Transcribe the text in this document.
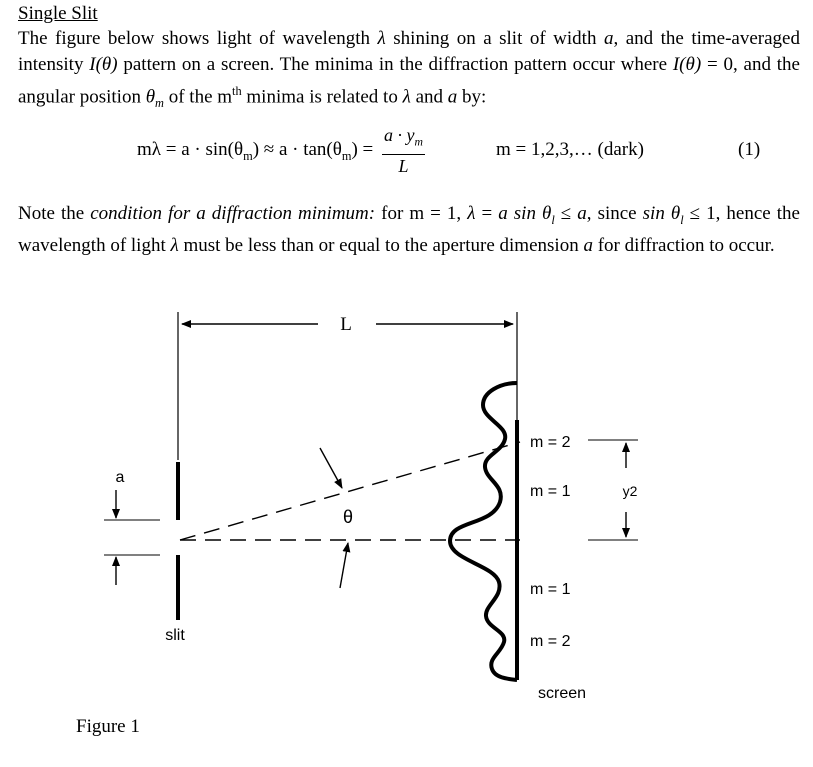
Single Slit
The figure below shows light of wavelength λ shining on a slit of width a, and the time-averaged intensity I(θ) pattern on a screen. The minima in the diffraction pattern occur where I(θ) = 0, and the angular position $\theta_m$ of the $m^{th}$ minima is related to λ and a by:
$m\lambda = a \cdot \sin(\theta_m) \approx a \cdot \tan(\theta_m) = \frac{a \cdot y_m}{L}$	m = 1,2,3,… (dark)	(1)
Note the condition for a diffraction minimum: for m = 1, λ = a $\sin \theta_l \le a$, since $\sin \theta_l \le 1$, hence the wavelength of light λ must be less than or equal to the aperture dimension a for diffraction to occur.
L
slit
a
θ
screen
m = 2
m = 1
m = 1
m = 2
y2
Figure 1
